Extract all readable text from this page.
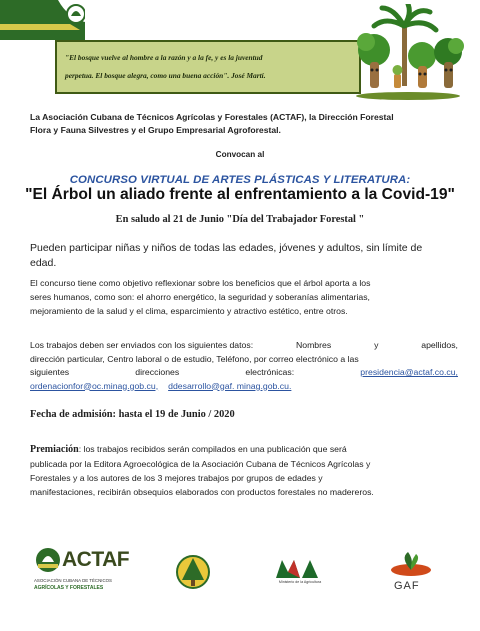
"El bosque vuelve al hombre a la razón y a la fe, y es la juventud
perpetua. El bosque alegra, como una buena acción". José Martí.
La Asociación Cubana de Técnicos Agrícolas y Forestales (ACTAF), la Dirección Forestal
Flora y Fauna Silvestres y el Grupo Empresarial Agroforestal.
Convocan al
CONCURSO VIRTUAL DE ARTES PLÁSTICAS Y LITERATURA:
"El Árbol un aliado frente al enfrentamiento a la Covid-19"
En saludo al 21 de Junio "Día del Trabajador Forestal "
Pueden participar niñas y niños de todas las edades, jóvenes y adultos, sin límite de edad.
El concurso tiene como objetivo reflexionar sobre los beneficios que el árbol aporta a los
seres humanos, como son: el ahorro energético, la seguridad y soberanías alimentarias,
mejoramiento de la salud y el clima, esparcimiento y atractivo estético, entre otros.
Los trabajos deben ser enviados con los siguientes datos:	Nombres	y	apellidos,
dirección particular, Centro laboral o de estudio, Teléfono, por correo electrónico a las
siguientes	direcciones	electrónicas:	presidencia@actaf.co.cu,
ordenacionfor@oc.minag.gob.cu, ddesarrollo@gaf. minag.gob.cu.
Fecha de admisión: hasta el 19 de Junio / 2020
Premiación: los trabajos recibidos serán compilados en una publicación que será
publicada por la Editora Agroecológica de la Asociación Cubana de Técnicos Agrícolas y
Forestales y a los autores de los 3 mejores trabajos por grupos de edades y
manifestaciones, recibirán obsequios elaborados con productos forestales no madereros.
ACTAF
ASOCIACIÓN CUBANA DE TÉCNICOS
AGRÍCOLAS Y FORESTALES
Ministerio de la Agricultura	GAF
